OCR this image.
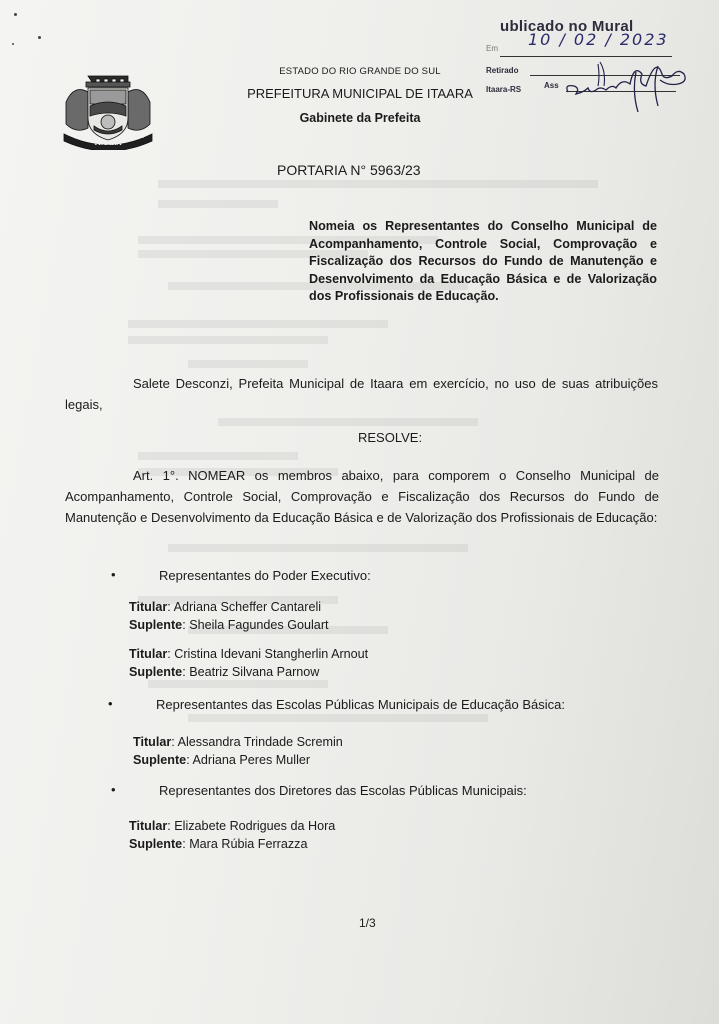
ITAARA
1996	1996
ESTADO DO RIO GRANDE DO SUL
PREFEITURA MUNICIPAL DE ITAARA
Gabinete da Prefeita
ublicado no Mural
Em 10 / 02 / 2023
Retirado
Itaara-RS	Ass
PORTARIA N° 5963/23
Nomeia os Representantes do Conselho Municipal de Acompanhamento, Controle Social, Comprovação e Fiscalização dos Recursos do Fundo de Manutenção e Desenvolvimento da Educação Básica e de Valorização dos Profissionais de Educação.
Salete Desconzi, Prefeita Municipal de Itaara em exercício, no uso de suas atribuições legais,
RESOLVE:
Art. 1°. NOMEAR os membros abaixo, para comporem o Conselho Municipal de Acompanhamento, Controle Social, Comprovação e Fiscalização dos Recursos do Fundo de Manutenção e Desenvolvimento da Educação Básica e de Valorização dos Profissionais de Educação:
•	Representantes do Poder Executivo:
Titular: Adriana Scheffer Cantareli
Suplente: Sheila Fagundes Goulart
Titular: Cristina Idevani Stangherlin Arnout
Suplente: Beatriz Silvana Parnow
•	Representantes das Escolas Públicas Municipais de Educação Básica:
Titular: Alessandra Trindade Scremin
Suplente: Adriana Peres Muller
•	Representantes dos Diretores das Escolas Públicas Municipais:
Titular: Elizabete Rodrigues da Hora
Suplente: Mara Rúbia Ferrazza
1/3
